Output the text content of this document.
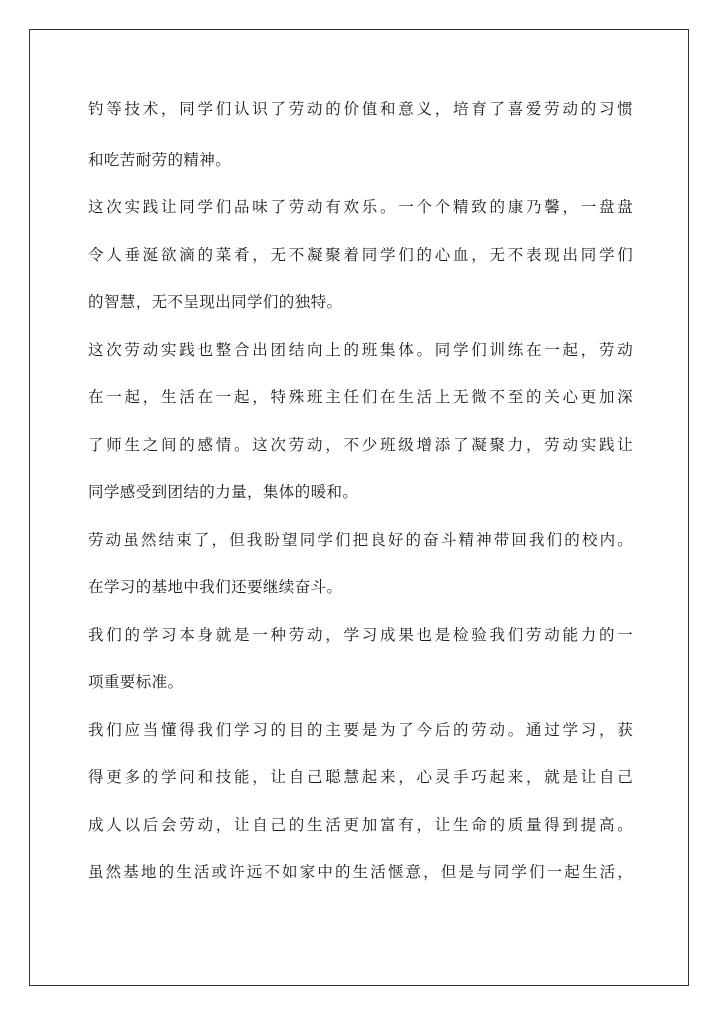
钓 等 技 术 ， 同 学 们 认 识 了 劳 动 的 价 值 和 意 义 ， 培 育 了 喜 爱 劳 动 的 习 惯
和吃苦耐劳的精神。
这 次 实 践 让 同 学 们 品 味 了 劳 动 有 欢 乐 。 一 个 个 精 致 的 康 乃 馨 ， 一 盘 盘
令 人 垂 涎 欲 滴 的 菜 肴 ， 无 不 凝 聚 着 同 学 们 的 心 血 ， 无 不 表 现 出 同 学 们
的智慧，无不呈现出同学们的独特。
这 次 劳 动 实 践 也 整 合 出 团 结 向 上 的 班 集 体 。 同 学 们 训 练 在 一 起 ， 劳 动
在 一 起 ， 生 活 在 一 起 ， 特 殊 班 主 任 们 在 生 活 上 无 微 不 至 的 关 心 更 加 深
了 师 生 之 间 的 感 情 。 这 次 劳 动 ， 不 少 班 级 增 添 了 凝 聚 力 ， 劳 动 实 践 让
同学感受到团结的力量，集体的暖和。
劳 动 虽 然 结 束 了 ， 但 我 盼 望 同 学 们 把 良 好 的 奋 斗 精 神 带 回 我 们 的 校 内 。
在学习的基地中我们还要继续奋斗。
我 们 的 学 习 本 身 就 是 一 种 劳 动 ， 学 习 成 果 也 是 检 验 我 们 劳 动 能 力 的 一
项重要标准。
我 们 应 当 懂 得 我 们 学 习 的 目 的 主 要 是 为 了 今 后 的 劳 动 。 通 过 学 习 ， 获
得 更 多 的 学 问 和 技 能 ， 让 自 己 聪 慧 起 来 ， 心 灵 手 巧 起 来 ， 就 是 让 自 己
成 人 以 后 会 劳 动 ， 让 自 己 的 生 活 更 加 富 有 ， 让 生 命 的 质 量 得 到 提 高 。
虽 然 基 地 的 生 活 或 许 远 不 如 家 中 的 生 活 惬 意 ， 但 是 与 同 学 们 一 起 生 活 ，
